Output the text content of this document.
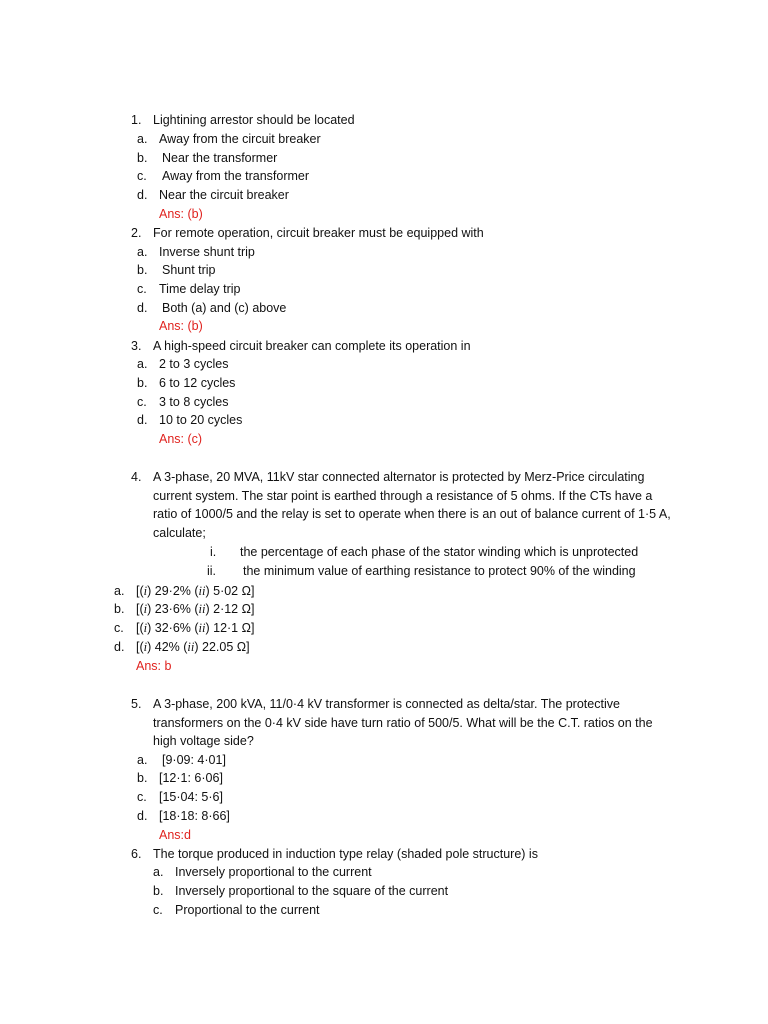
1. Lightining arrestor should be located
a. Away from the circuit breaker
b. Near the transformer
c. Away from the transformer
d. Near the circuit breaker
Ans: (b)
2. For remote operation, circuit breaker must be equipped with
a. Inverse shunt trip
b. Shunt trip
c. Time delay trip
d. Both (a) and (c) above
Ans: (b)
3. A high-speed circuit breaker can complete its operation in
a. 2 to 3 cycles
b. 6 to 12 cycles
c. 3 to 8 cycles
d. 10 to 20 cycles
Ans: (c)
4. A 3-phase, 20 MVA, 11kV star connected alternator is protected by Merz-Price circulating current system. The star point is earthed through a resistance of 5 ohms. If the CTs have a ratio of 1000/5 and the relay is set to operate when there is an out of balance current of 1·5 A, calculate;
i. the percentage of each phase of the stator winding which is unprotected
ii. the minimum value of earthing resistance to protect 90% of the winding
a. [(i) 29·2% (ii) 5·02 Ω]
b. [(i) 23·6% (ii) 2·12 Ω]
c. [(i) 32·6% (ii) 12·1 Ω]
d. [(i) 42% (ii) 22.05 Ω]
Ans: b
5. A 3-phase, 200 kVA, 11/0·4 kV transformer is connected as delta/star. The protective transformers on the 0·4 kV side have turn ratio of 500/5. What will be the C.T. ratios on the high voltage side?
a. [9·09: 4·01]
b. [12·1: 6·06]
c. [15·04: 5·6]
d. [18·18: 8·66]
Ans:d
6. The torque produced in induction type relay (shaded pole structure) is
a. Inversely proportional to the current
b. Inversely proportional to the square of the current
c. Proportional to the current
